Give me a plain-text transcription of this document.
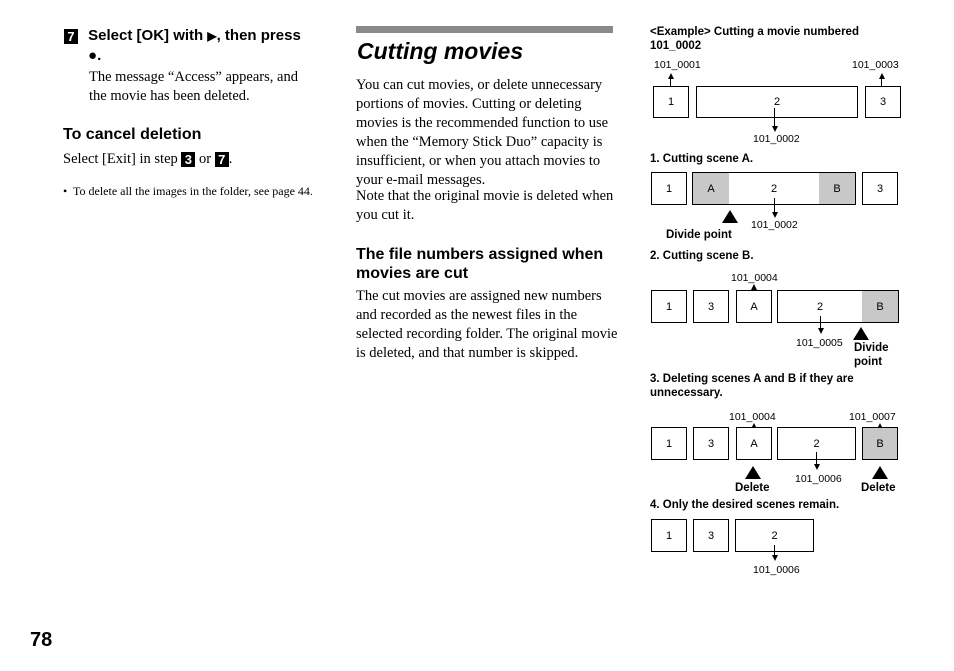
7 Select [OK] with ▶, then press
●.
The message “Access” appears, and the movie has been deleted.
To cancel deletion
Select [Exit] in step 3 or 7 .
• To delete all the images in the folder, see page 44.
Cutting movies
You can cut movies, or delete unnecessary portions of movies. Cutting or deleting movies is the recommended function to use when the “Memory Stick Duo” capacity is insufficient, or when you attach movies to your e-mail messages.
Note that the original movie is deleted when you cut it.
The file numbers assigned when movies are cut
The cut movies are assigned new numbers and recorded as the newest files in the selected recording folder. The original movie is deleted, and that number is skipped.
<Example> Cutting a movie numbered 101_0002
101_0001	101_0003
1	2	3
101_0002
1. Cutting scene A.
1	A	2	B	3
101_0002
Divide point
2. Cutting scene B.
101_0004
1	3	A	2	B
101_0005 Divide point
3. Deleting scenes A and B if they are unnecessary.
101_0004	101_0007
1	3	A	2	B
101_0006
Delete	Delete
4. Only the desired scenes remain.
1	3	2
101_0006
78
